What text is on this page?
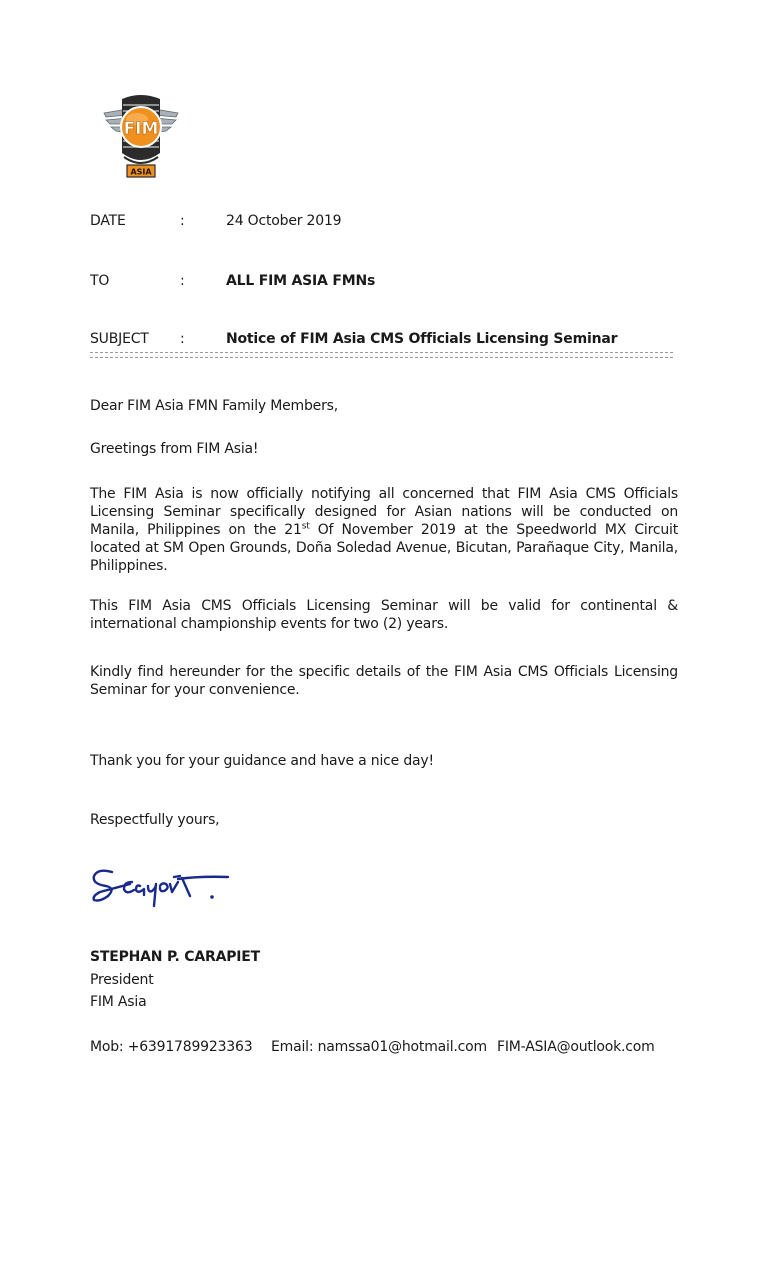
FIM
ASIA
DATE	:	24 October 2019
TO	:	ALL FIM ASIA FMNs
SUBJECT :	Notice of FIM Asia CMS Officials Licensing Seminar
Dear FIM Asia FMN Family Members,
Greetings from FIM Asia!
The FIM Asia is now officially notifying all concerned that FIM Asia CMS Officials Licensing Seminar specifically designed for Asian nations will be conducted on Manila, Philippines on the 21st Of November 2019 at the Speedworld MX Circuit located at SM Open Grounds, Doña Soledad Avenue, Bicutan, Parañaque City, Manila, Philippines.
This FIM Asia CMS Officials Licensing Seminar will be valid for continental & international championship events for two (2) years.
Kindly find hereunder for the specific details of the FIM Asia CMS Officials Licensing Seminar for your convenience.
Thank you for your guidance and have a nice day!
Respectfully yours,
STEPHAN P. CARAPIET
President
FIM Asia
Mob: +6391789923363 Email: namssa01@hotmail.com FIM-ASIA@outlook.com
